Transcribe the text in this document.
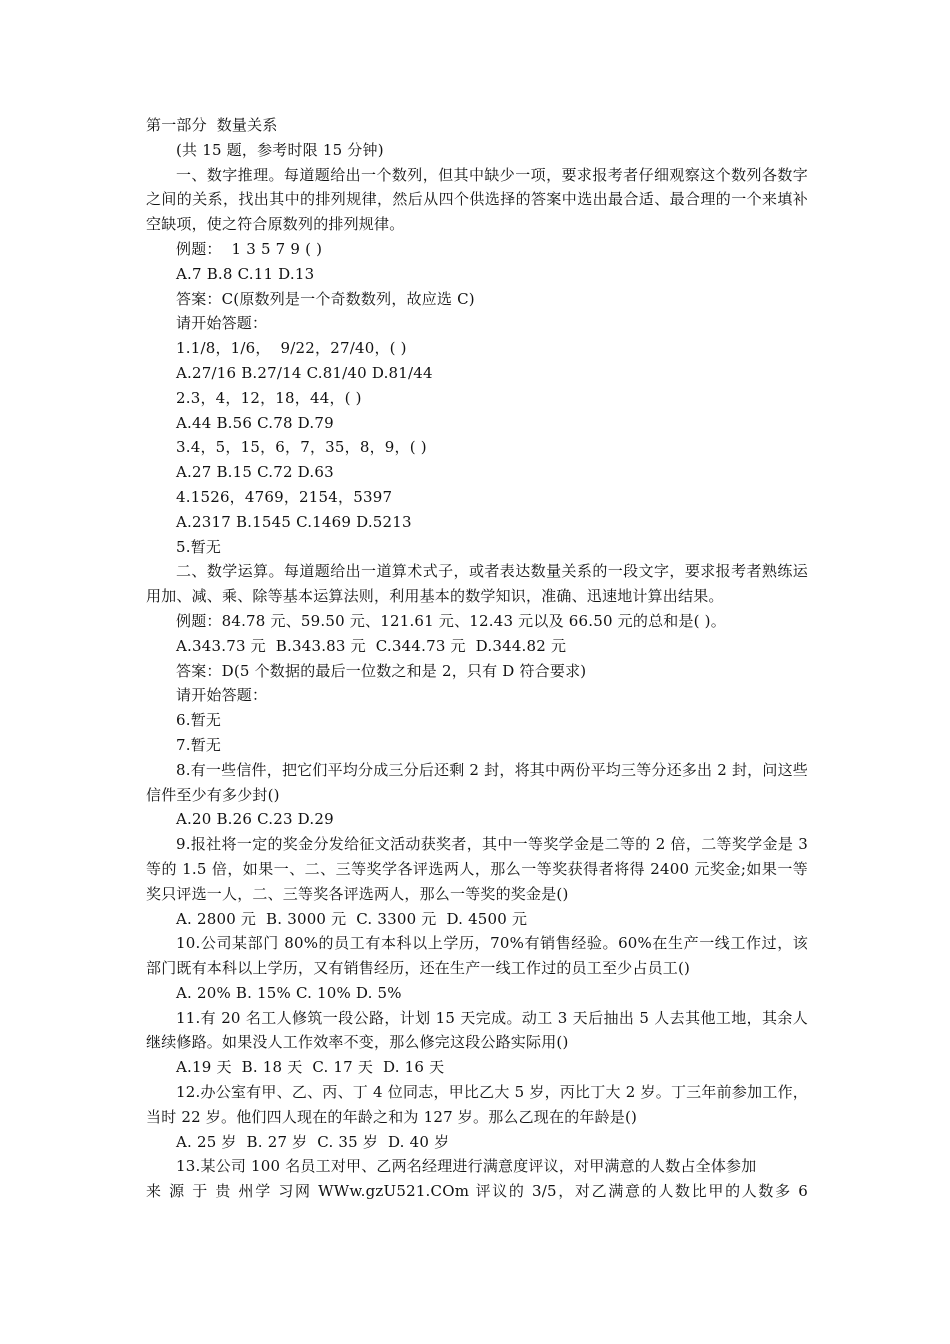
第一部分  数量关系
(共 15 题，参考时限 15 分钟)
一、数字推理。每道题给出一个数列，但其中缺少一项，要求报考者仔细观察这个数列各数字之间的关系，找出其中的排列规律，然后从四个供选择的答案中选出最合适、最合理的一个来填补空缺项，使之符合原数列的排列规律。
例题：  1 3 5 7 9 ( )
A.7 B.8 C.11 D.13
答案：C(原数列是一个奇数数列，故应选 C)
请开始答题：
1.1/8，1/6，  9/22，27/40，( )
A.27/16 B.27/14 C.81/40 D.81/44
2.3，4，12，18，44，( )
A.44 B.56 C.78 D.79
3.4，5，15，6，7，35，8，9，( )
A.27 B.15 C.72 D.63
4.1526，4769，2154，5397
A.2317 B.1545 C.1469 D.5213
5.暂无
二、数学运算。每道题给出一道算术式子，或者表达数量关系的一段文字，要求报考者熟练运用加、减、乘、除等基本运算法则，利用基本的数学知识，准确、迅速地计算出结果。
例题：84.78 元、59.50 元、121.61 元、12.43 元以及 66.50 元的总和是( )。
A.343.73 元  B.343.83 元  C.344.73 元  D.344.82 元
答案：D(5 个数据的最后一位数之和是 2，只有 D 符合要求)
请开始答题：
6.暂无
7.暂无
8.有一些信件，把它们平均分成三分后还剩 2 封，将其中两份平均三等分还多出 2 封，问这些信件至少有多少封()
A.20 B.26 C.23 D.29
9.报社将一定的奖金分发给征文活动获奖者，其中一等奖学金是二等的 2 倍，二等奖学金是 3 等的 1.5 倍，如果一、二、三等奖学各评选两人，那么一等奖获得者将得 2400 元奖金;如果一等奖只评选一人，二、三等奖各评选两人，那么一等奖的奖金是()
A. 2800 元  B. 3000 元  C. 3300 元  D. 4500 元
10.公司某部门 80%的员工有本科以上学历，70%有销售经验。60%在生产一线工作过，该部门既有本科以上学历，又有销售经历，还在生产一线工作过的员工至少占员工()
A. 20% B. 15% C. 10% D. 5%
11.有 20 名工人修筑一段公路，计划 15 天完成。动工 3 天后抽出 5 人去其他工地，其余人继续修路。如果没人工作效率不变，那么修完这段公路实际用()
A.19 天  B. 18 天  C. 17 天  D. 16 天
12.办公室有甲、乙、丙、丁 4 位同志，甲比乙大 5 岁，丙比丁大 2 岁。丁三年前参加工作，当时 22 岁。他们四人现在的年龄之和为 127 岁。那么乙现在的年龄是()
A. 25 岁  B. 27 岁  C. 35 岁  D. 40 岁
13.某公司 100 名员工对甲、乙两名经理进行满意度评议，对甲满意的人数占全体参加
来 源 于 贵 州学 习网 WWw.gzU521.COm 评议的 3/5，对乙满意的人数比甲的人数多 6
